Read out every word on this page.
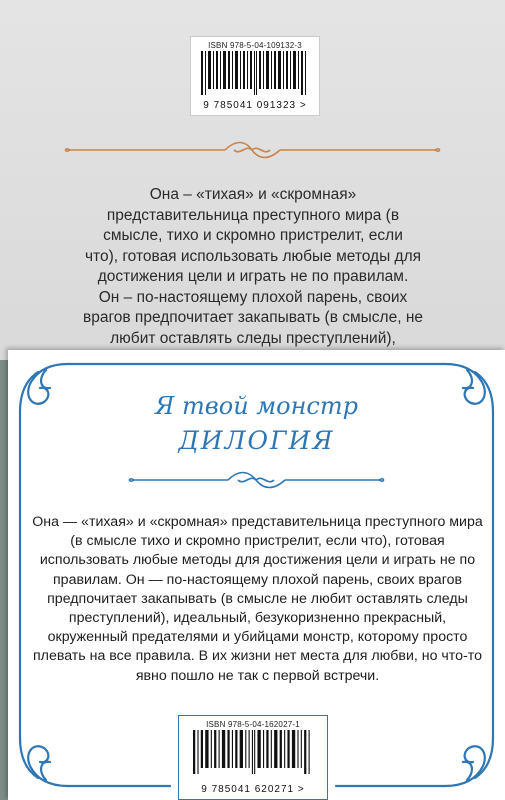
ISBN 978-5-04-109132-3
9 785041 091323 >
Она – «тихая» и «скромная»
представительница преступного мира (в
смысле, тихо и скромно пристрелит, если
что), готовая использовать любые методы для
достижения цели и играть не по правилам.
Он – по-настоящему плохой парень, своих
врагов предпочитает закапывать (в смысле, не
любит оставлять следы преступлений),

Я твой монстр
ДИЛОГИЯ
Она — «тихая» и «скромная» представительница преступного мира (в смысле тихо и скромно пристрелит, если что), готовая использовать любые методы для достижения цели и играть не по правилам. Он — по-настоящему плохой парень, своих врагов предпочитает закапывать (в смысле не любит оставлять следы преступлений), идеальный, безукоризненно прекрасный, окруженный предателями и убийцами монстр, которому просто плевать на все правила. В их жизни нет места для любви, но что-то явно пошло не так с первой встречи.
ISBN 978-5-04-162027-1
9 785041 620271 >
